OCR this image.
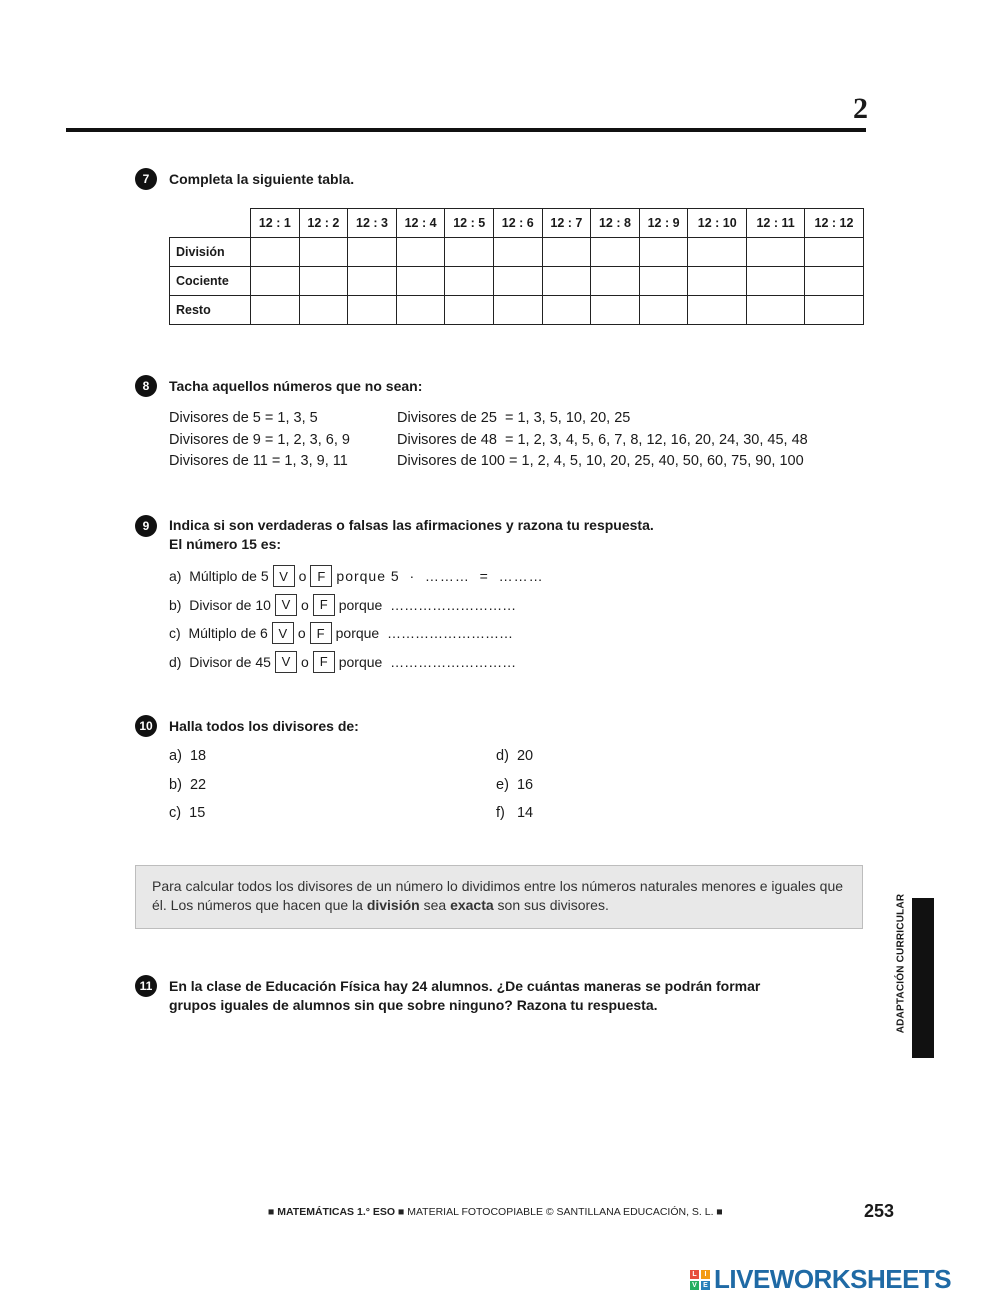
2
7	Completa la siguiente tabla.
	12 : 1	12 : 2	12 : 3	12 : 4	12 : 5	12 : 6	12 : 7	12 : 8	12 : 9	12 : 10	12 : 11	12 : 12
División												
Cociente												
Resto												
8	Tacha aquellos números que no sean:
Divisores de 5 = 1, 3, 5
Divisores de 9 = 1, 2, 3, 6, 9
Divisores de 11 = 1, 3, 9, 11
Divisores de 25  = 1, 3, 5, 10, 20, 25
Divisores de 48  = 1, 2, 3, 4, 5, 6, 7, 8, 12, 16, 20, 24, 30, 45, 48
Divisores de 100 = 1, 2, 4, 5, 10, 20, 25, 40, 50, 60, 75, 90, 100
9	Indica si son verdaderas o falsas las afirmaciones y razona tu respuesta.
El número 15 es:
a)  Múltiplo de 5 V o F porque 5  ·  ………  =  ………
b)  Divisor de 10 V o F porque  ………………………
c)  Múltiplo de 6 V o F porque  ………………………
d)  Divisor de 45 V o F porque  ………………………
10	Halla todos los divisores de:
a)  18
b)  22
c)  15
d)  20
e)  16
f)   14
Para calcular todos los divisores de un número lo dividimos entre los números naturales menores e iguales que él. Los números que hacen que la división sea exacta son sus divisores.
11	En la clase de Educación Física hay 24 alumnos. ¿De cuántas maneras se podrán formar
grupos iguales de alumnos sin que sobre ninguno? Razona tu respuesta.	ADAPTACIÓN CURRICULAR
■ MATEMÁTICAS 1.° ESO ■ MATERIAL FOTOCOPIABLE © SANTILLANA EDUCACIÓN, S. L. ■	253
L	I
V E LIVEWORKSHEETS
